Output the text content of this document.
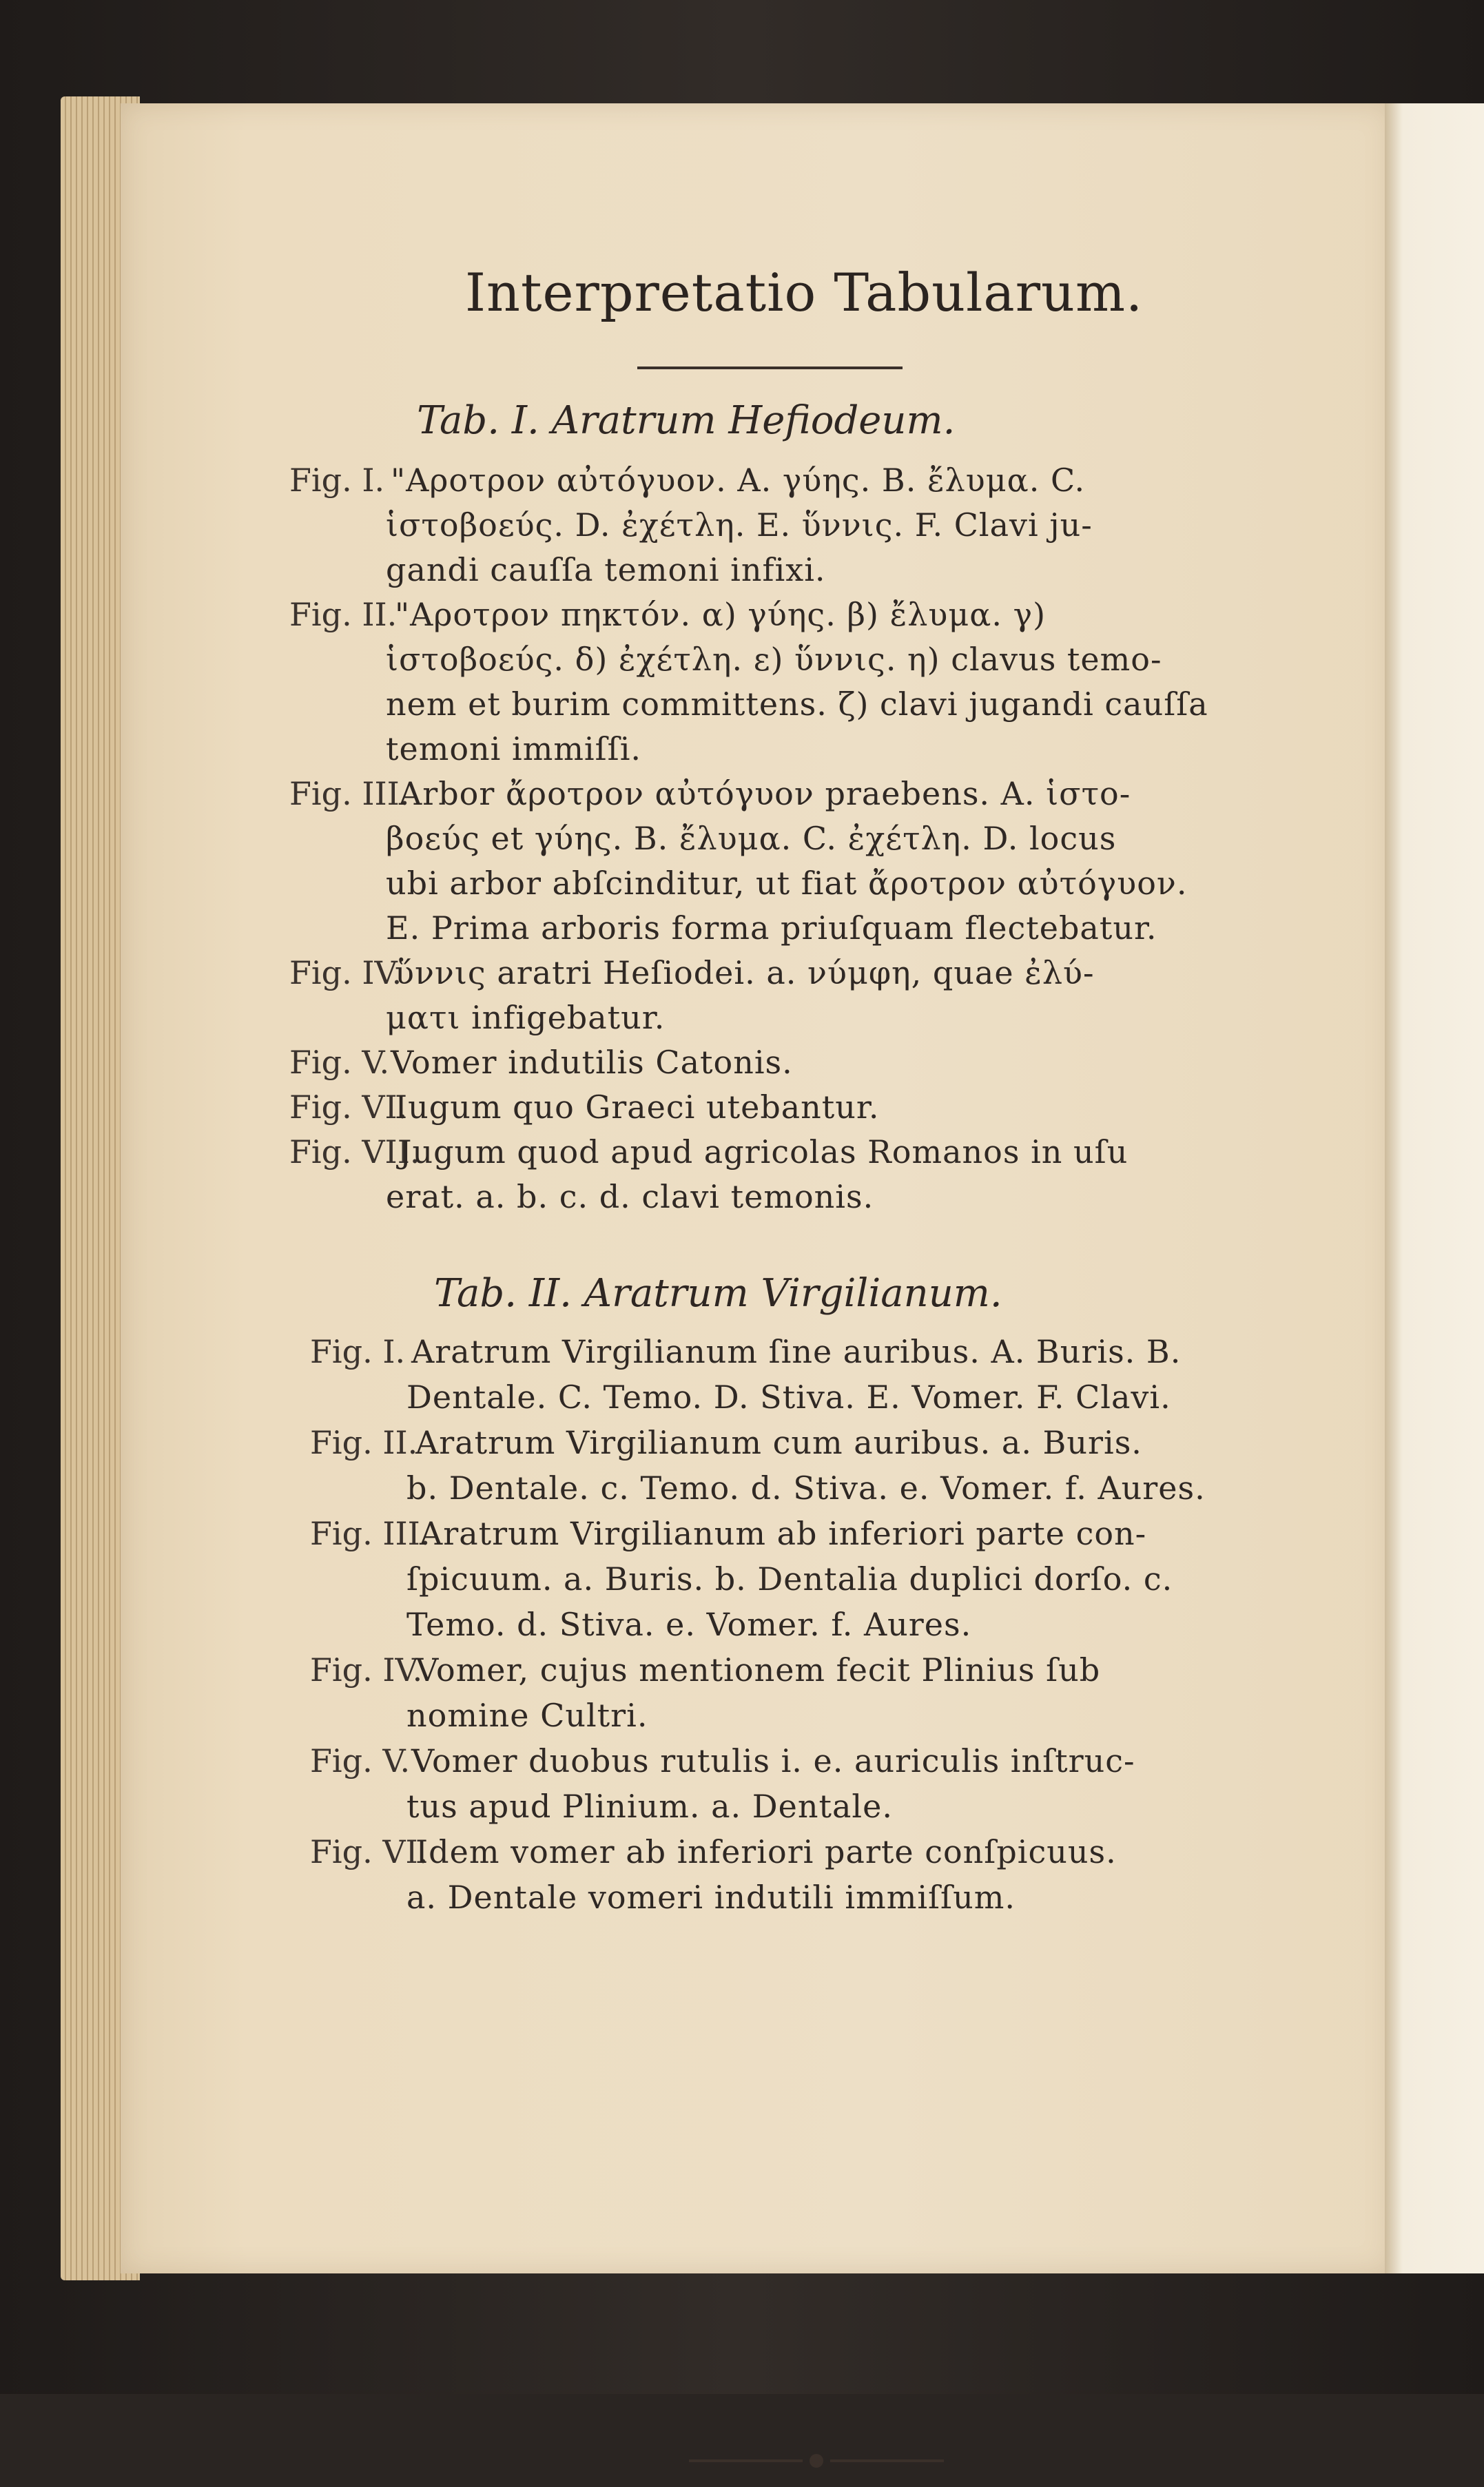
Interpretatio Tabularum.
Tab. I. Aratrum Hefiodeum.
Fig. I. "Αροτρον αὐτόγυον. A. γύης. B. ἔλυμα. C.
ἱστοβοεύς. D. ἐχέτλη. E. ὕννις. F. Clavi ju-
gandi cauſſa temoni infixi.
Fig. II.
"Αροτρον πηκτόν. α) γύης. β) ἔλυμα. γ)
ἱστοβοεύς. δ) ἐχέτλη. ε) ὕννις. η) clavus temo-
nem et burim committens. ζ) clavi jugandi cauſſa
temoni immiſſi.
Fig. III.
Arbor ἄροτρον αὐτόγυον praebens. A. ἱστο-
βοεύς et γύης. B. ἔλυμα. C. ἐχέτλη. D. locus
ubi arbor abſcinditur, ut fiat ἄροτρον αὐτόγυον.
E. Prima arboris forma priuſquam flectebatur.
Fig. IV.
ὕννις aratri Heſiodei. a. νύμφη, quae ἐλύ-
ματι infigebatur.
Fig. V. Vomer indutilis Catonis.
Fig. VI.
Iugum quo Graeci utebantur.
Fig. VII.
Jugum quod apud agricolas Romanos in uſu
erat. a. b. c. d. clavi temonis.
Tab. II. Aratrum Virgilianum.
Fig. I. Aratrum Virgilianum ſine auribus. A. Buris. B.
Dentale. C. Temo. D. Stiva. E. Vomer. F. Clavi.
Fig. II.
Aratrum Virgilianum cum auribus. a. Buris.
b. Dentale. c. Temo. d. Stiva. e. Vomer. f. Aures.
Fig. III.
Aratrum Virgilianum ab inferiori parte con-
ſpicuum. a. Buris. b. Dentalia duplici dorſo. c.
Temo. d. Stiva. e. Vomer. f. Aures.
Fig. IV.
Vomer, cujus mentionem fecit Plinius ſub
nomine Cultri.
Fig. V. Vomer duobus rutulis i. e. auriculis inſtruc-
tus apud Plinium. a. Dentale.
Fig. VI.
Idem vomer ab inferiori parte conſpicuus.
a. Dentale vomeri indutili immiſſum.
